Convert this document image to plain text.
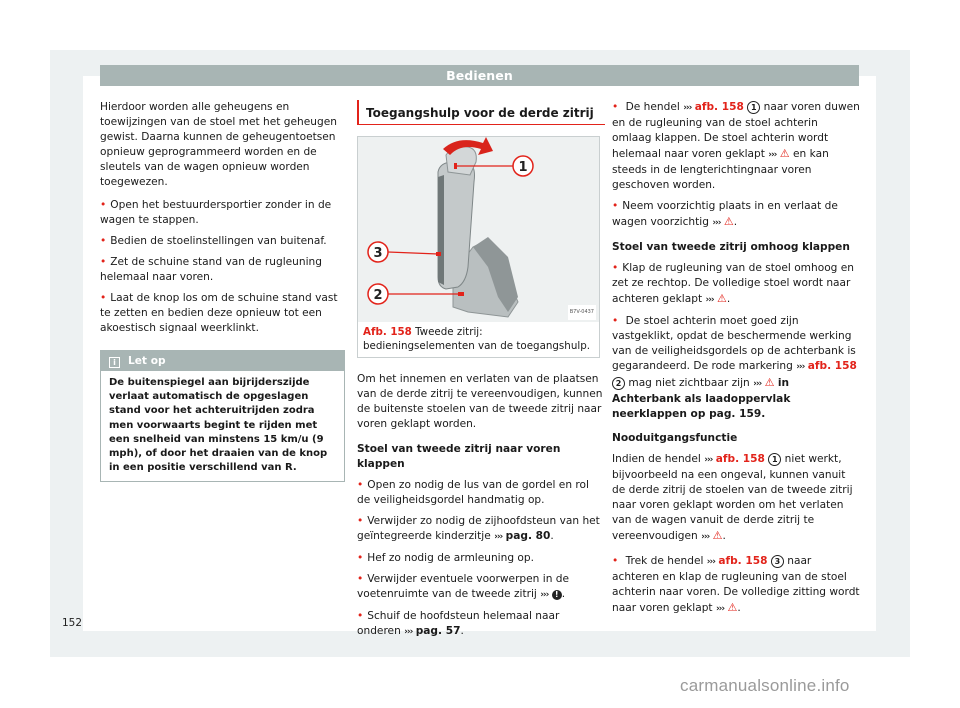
Bedienen

Hierdoor worden alle geheugens en toewijzingen van de stoel met het geheugen gewist. Daarna kunnen de geheugentoetsen opnieuw geprogrammeerd worden en de sleutels van de wagen opnieuw worden toegewezen.

• Open het bestuurdersportier zonder in de wagen te stappen.

• Bedien de stoelinstellingen van buitenaf.

• Zet de schuine stand van de rugleuning helemaal naar voren.

• Laat de knop los om de schuine stand vast te zetten en bedien deze opnieuw tot een akoestisch signaal weerklinkt.

i Let op
De buitenspiegel aan bijrijderszijde verlaat automatisch de opgeslagen stand voor het achteruitrijden zodra men voorwaarts begint te rijden met een snelheid van minstens 15 km/u (9 mph), of door het draaien van de knop in een positie verschillend van R.
Toegangshulp voor de derde zitrij
1
3
2
B7V-0437
Afb. 158 Tweede zitrij: bedieningselementen van de toegangshulp.

Om het innemen en verlaten van de plaatsen van de derde zitrij te vereenvoudigen, kunnen de buitenste stoelen van de tweede zitrij naar voren geklapt worden.

Stoel van tweede zitrij naar voren klappen

• Open zo nodig de lus van de gordel en rol de veiligheidsgordel handmatig op.

• Verwijder zo nodig de zijhoofdsteun van het geïntegreerde kinderzitje ››› pag. 80.

• Hef zo nodig de armleuning op.

• Verwijder eventuele voorwerpen in de voetenruimte van de tweede zitrij ››› ! .

• Schuif de hoofdsteun helemaal naar onderen ››› pag. 57.

• De hendel ››› afb. 158 1 naar voren duwen en de rugleuning van de stoel achterin omlaag klappen. De stoel achterin wordt helemaal naar voren geklapt ››› ⚠ en kan steeds in de lengterichtingnaar voren geschoven worden.

• Neem voorzichtig plaats in en verlaat de wagen voorzichtig ››› ⚠.

Stoel van tweede zitrij omhoog klappen

• Klap de rugleuning van de stoel omhoog en zet ze rechtop. De volledige stoel wordt naar achteren geklapt ››› ⚠.

• De stoel achterin moet goed zijn vastgeklikt, opdat de beschermende werking van de veiligheidsgordels op de achterbank is gegarandeerd. De rode markering ››› afb. 158 2 mag niet zichtbaar zijn ››› ⚠ in Achterbank als laadoppervlak neerklappen op pag. 159.

Nooduitgangsfunctie

Indien de hendel ››› afb. 158 1 niet werkt, bijvoorbeeld na een ongeval, kunnen vanuit de derde zitrij de stoelen van de tweede zitrij naar voren geklapt worden om het verlaten van de wagen vanuit de derde zitrij te vereenvoudigen ››› ⚠.

• Trek de hendel ››› afb. 158 3 naar achteren en klap de rugleuning van de stoel achterin naar voren. De volledige zitting wordt naar voren geklapt ››› ⚠.

152
carmanualsonline.info
